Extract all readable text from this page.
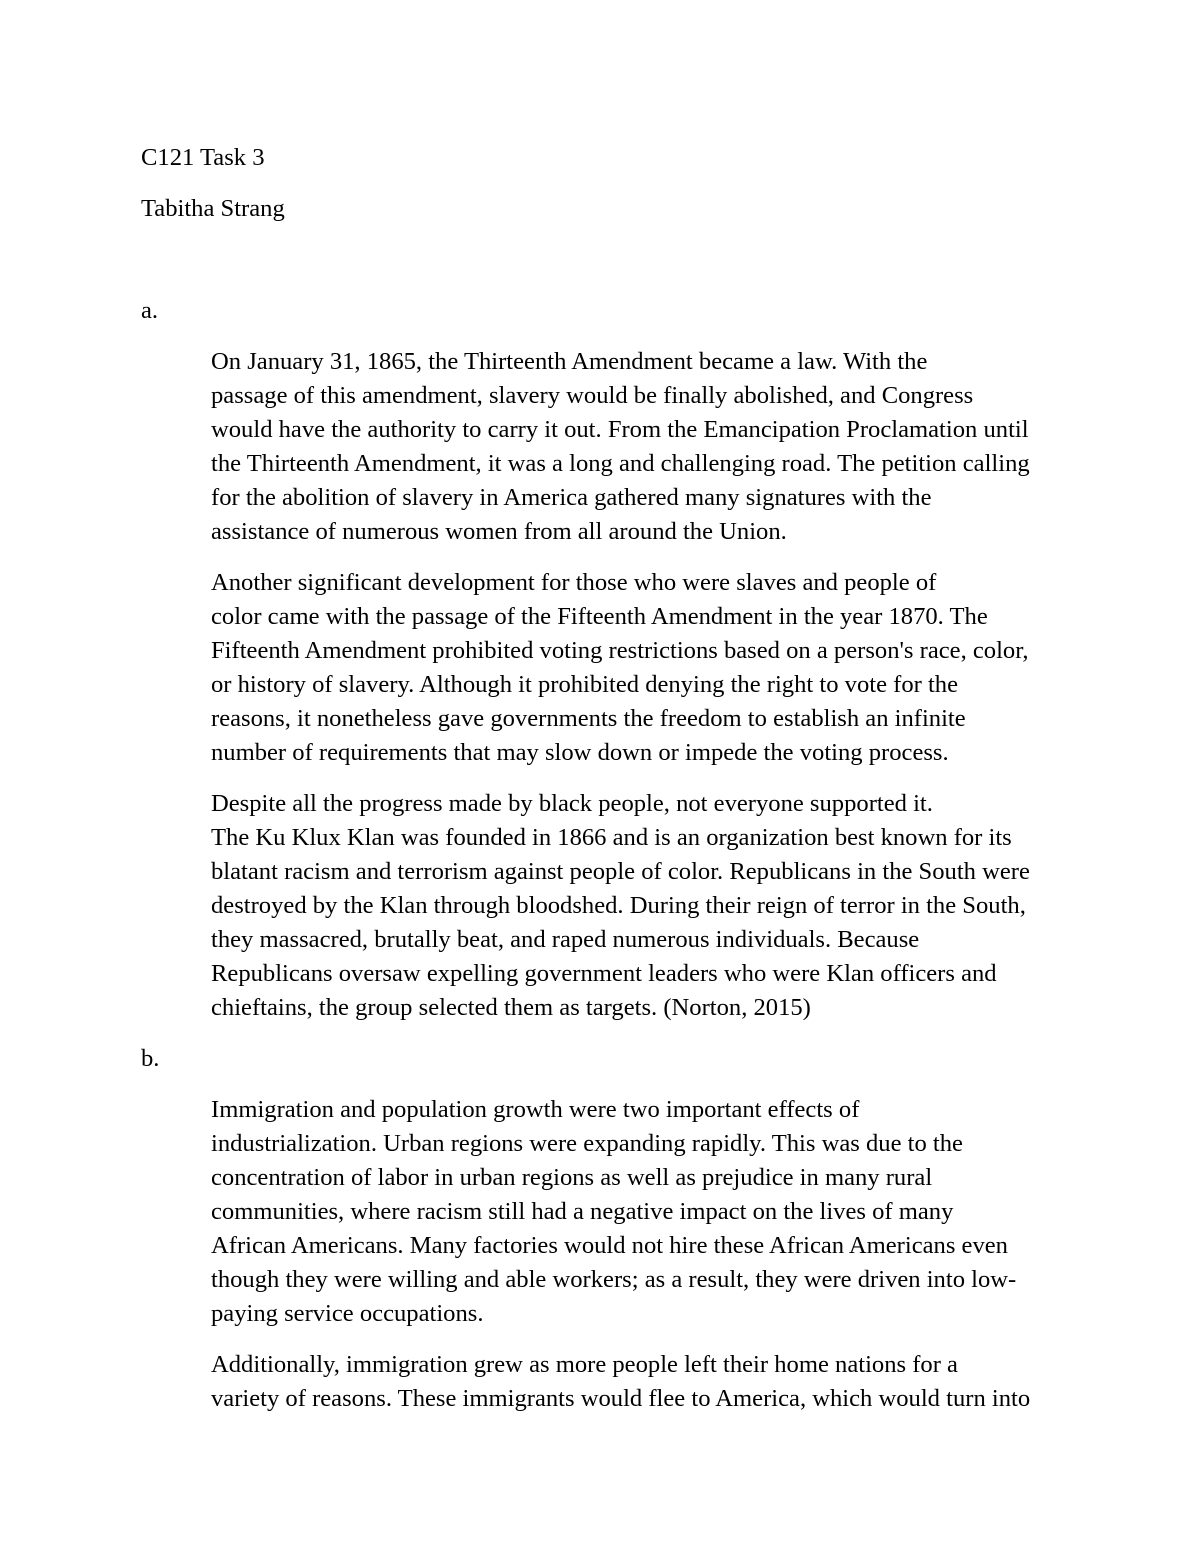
C121 Task 3
Tabitha Strang
a.
On January 31, 1865, the Thirteenth Amendment became a law. With the
passage of this amendment, slavery would be finally abolished, and Congress
would have the authority to carry it out. From the Emancipation Proclamation until
the Thirteenth Amendment, it was a long and challenging road. The petition calling
for the abolition of slavery in America gathered many signatures with the
assistance of numerous women from all around the Union.
Another significant development for those who were slaves and people of
color came with the passage of the Fifteenth Amendment in the year 1870. The
Fifteenth Amendment prohibited voting restrictions based on a person's race, color,
or history of slavery. Although it prohibited denying the right to vote for the
reasons, it nonetheless gave governments the freedom to establish an infinite
number of requirements that may slow down or impede the voting process.
Despite all the progress made by black people, not everyone supported it.
The Ku Klux Klan was founded in 1866 and is an organization best known for its
blatant racism and terrorism against people of color. Republicans in the South were
destroyed by the Klan through bloodshed. During their reign of terror in the South,
they massacred, brutally beat, and raped numerous individuals. Because
Republicans oversaw expelling government leaders who were Klan officers and
chieftains, the group selected them as targets. (Norton, 2015)
b.
Immigration and population growth were two important effects of
industrialization. Urban regions were expanding rapidly. This was due to the
concentration of labor in urban regions as well as prejudice in many rural
communities, where racism still had a negative impact on the lives of many
African Americans. Many factories would not hire these African Americans even
though they were willing and able workers; as a result, they were driven into low-
paying service occupations.
Additionally, immigration grew as more people left their home nations for a
variety of reasons. These immigrants would flee to America, which would turn into
